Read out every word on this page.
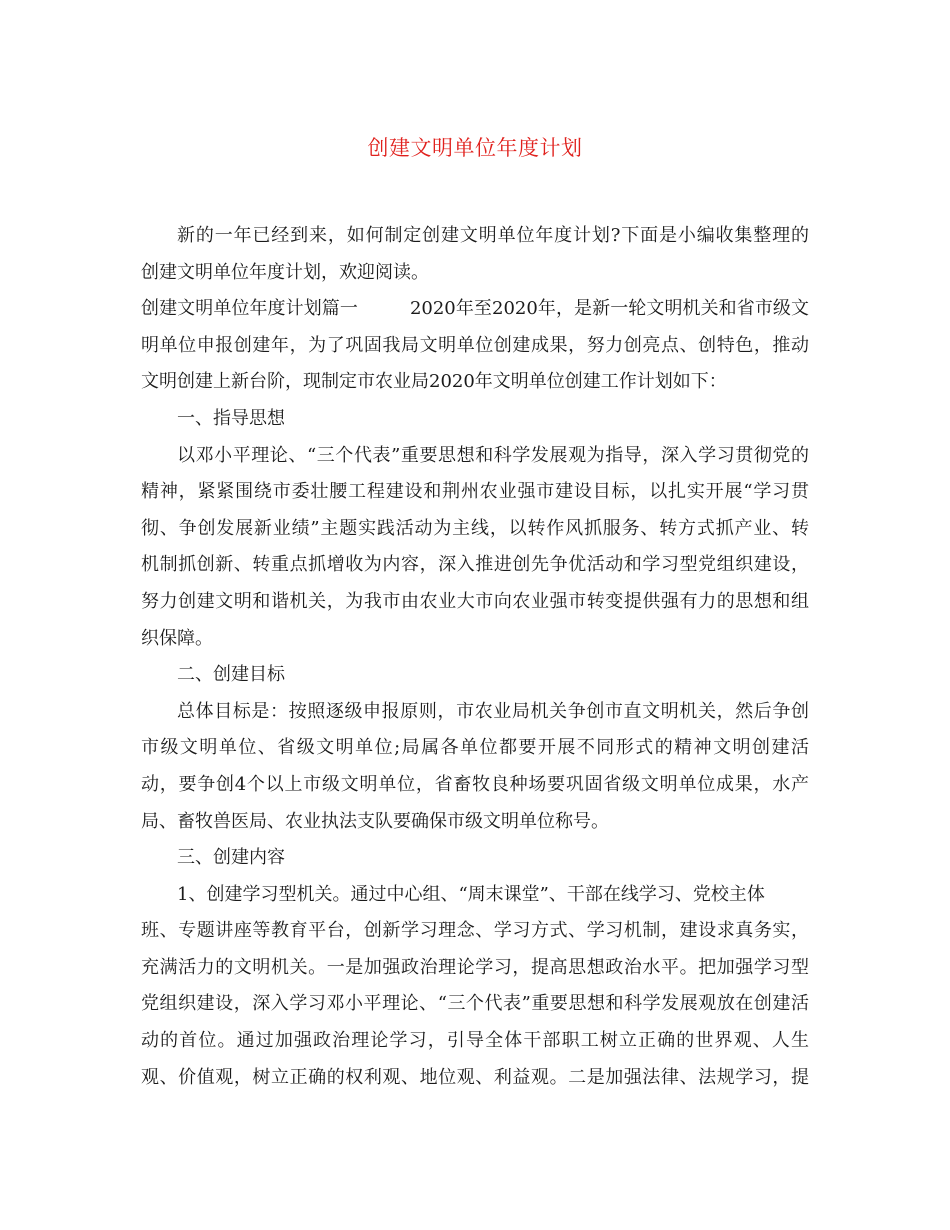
创建文明单位年度计划
新的一年已经到来，如何制定创建文明单位年度计划?下面是小编收集整理的
创建文明单位年度计划，欢迎阅读。
创建文明单位年度计划篇一	2020年至2020年，是新一轮文明机关和省市级文
明单位申报创建年，为了巩固我局文明单位创建成果，努力创亮点、创特色，推动
文明创建上新台阶，现制定市农业局2020年文明单位创建工作计划如下：
一、指导思想
以邓小平理论、“三个代表”重要思想和科学发展观为指导，深入学习贯彻党的
精神，紧紧围绕市委壮腰工程建设和荆州农业强市建设目标，以扎实开展“学习贯
彻、争创发展新业绩”主题实践活动为主线，以转作风抓服务、转方式抓产业、转
机制抓创新、转重点抓增收为内容，深入推进创先争优活动和学习型党组织建设，
努力创建文明和谐机关，为我市由农业大市向农业强市转变提供强有力的思想和组
织保障。
二、创建目标
总体目标是：按照逐级申报原则，市农业局机关争创市直文明机关，然后争创
市级文明单位、省级文明单位;局属各单位都要开展不同形式的精神文明创建活
动，要争创4个以上市级文明单位，省畜牧良种场要巩固省级文明单位成果，水产
局、畜牧兽医局、农业执法支队要确保市级文明单位称号。
三、创建内容
1、创建学习型机关。通过中心组、“周末课堂”、干部在线学习、党校主体
班、专题讲座等教育平台，创新学习理念、学习方式、学习机制，建设求真务实，
充满活力的文明机关。一是加强政治理论学习，提高思想政治水平。把加强学习型
党组织建设，深入学习邓小平理论、“三个代表”重要思想和科学发展观放在创建活
动的首位。通过加强政治理论学习，引导全体干部职工树立正确的世界观、人生
观、价值观，树立正确的权利观、地位观、利益观。二是加强法律、法规学习，提
